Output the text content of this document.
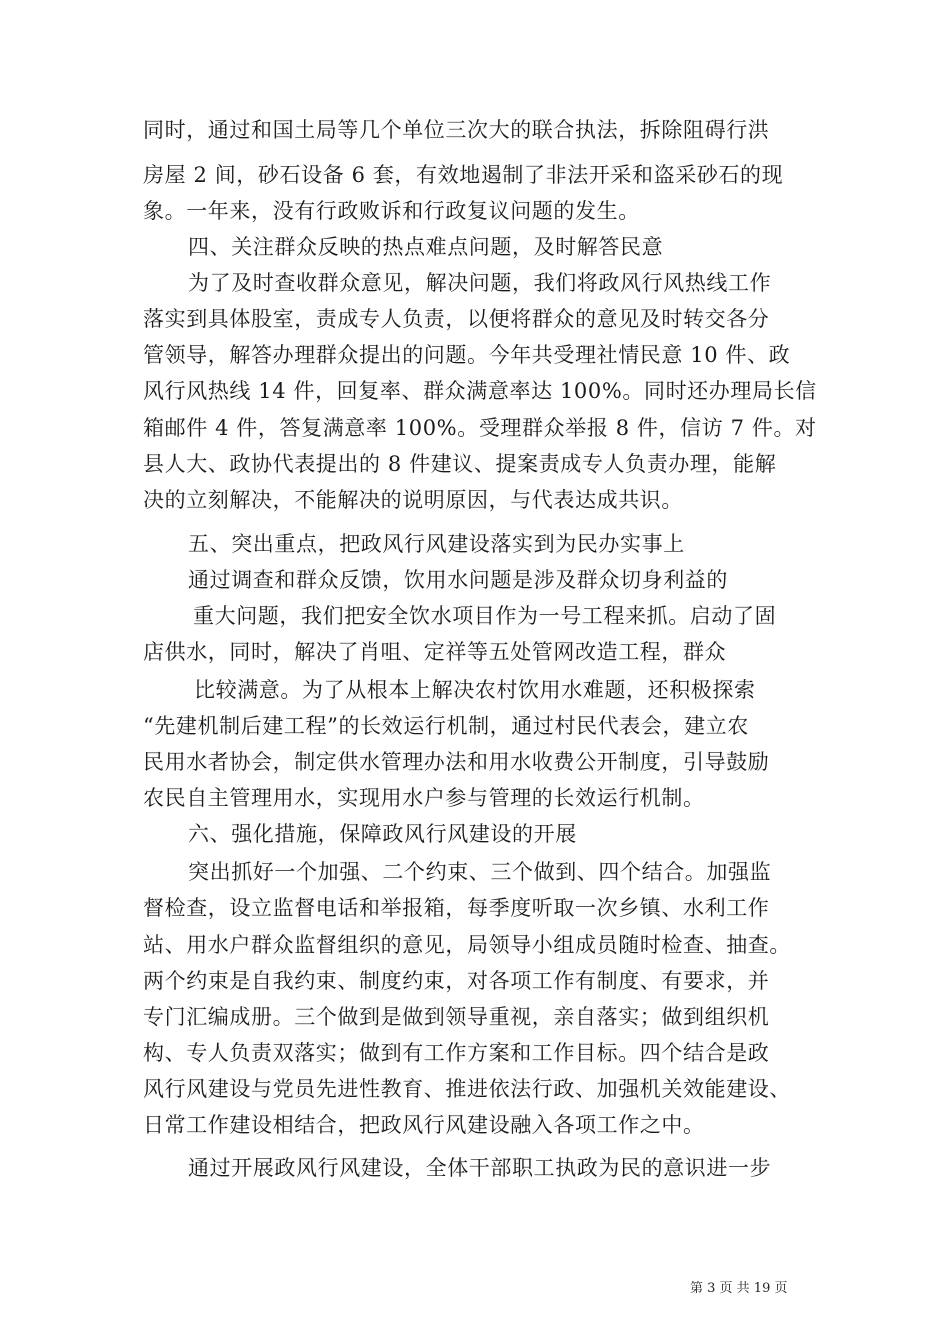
同时，通过和国土局等几个单位三次大的联合执法，拆除阻碍行洪
房屋 2 间，砂石设备 6 套，有效地遏制了非法开采和盗采砂石的现
象。一年来，没有行政败诉和行政复议问题的发生。
四、关注群众反映的热点难点问题，及时解答民意
为了及时查收群众意见，解决问题，我们将政风行风热线工作
落实到具体股室，责成专人负责，以便将群众的意见及时转交各分
管领导，解答办理群众提出的问题。今年共受理社情民意 10 件、政
风行风热线 14 件，回复率、群众满意率达 100%。同时还办理局长信
箱邮件 4 件，答复满意率 100%。受理群众举报 8 件，信访 7 件。对
县人大、政协代表提出的 8 件建议、提案责成专人负责办理，能解
决的立刻解决，不能解决的说明原因，与代表达成共识。
五、突出重点，把政风行风建设落实到为民办实事上
通过调查和群众反馈，饮用水问题是涉及群众切身利益的
重大问题，我们把安全饮水项目作为一号工程来抓。启动了固
店供水，同时，解决了肖咀、定祥等五处管网改造工程，群众
比较满意。为了从根本上解决农村饮用水难题，还积极探索
“先建机制后建工程”的长效运行机制，通过村民代表会，建立农
民用水者协会，制定供水管理办法和用水收费公开制度，引导鼓励
农民自主管理用水，实现用水户参与管理的长效运行机制。
六、强化措施，保障政风行风建设的开展
突出抓好一个加强、二个约束、三个做到、四个结合。加强监
督检查，设立监督电话和举报箱，每季度听取一次乡镇、水利工作
站、用水户群众监督组织的意见，局领导小组成员随时检查、抽查。
两个约束是自我约束、制度约束，对各项工作有制度、有要求，并
专门汇编成册。三个做到是做到领导重视，亲自落实；做到组织机
构、专人负责双落实；做到有工作方案和工作目标。四个结合是政
风行风建设与党员先进性教育、推进依法行政、加强机关效能建设、
日常工作建设相结合，把政风行风建设融入各项工作之中。
通过开展政风行风建设，全体干部职工执政为民的意识进一步
第 3 页 共 19 页
